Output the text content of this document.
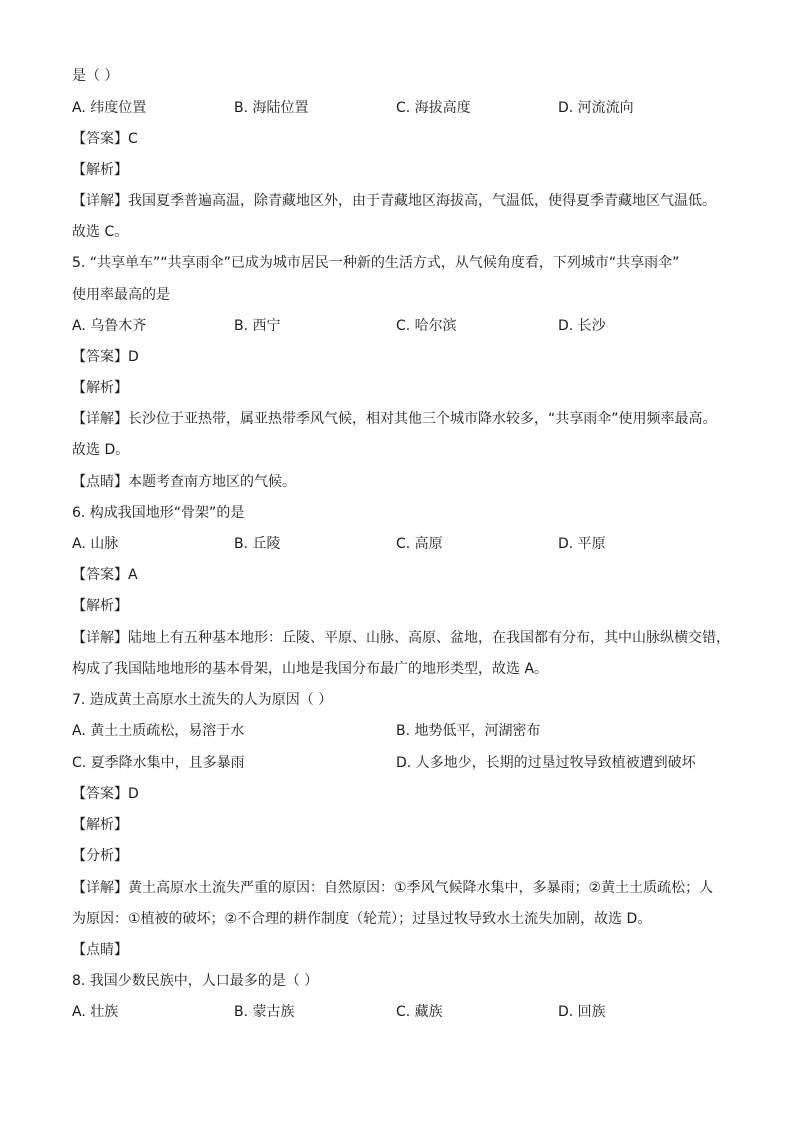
是（ ）
A. 纬度位置	B. 海陆位置	C. 海拔高度	D. 河流流向
【答案】C
【解析】
【详解】我国夏季普遍高温，除青藏地区外，由于青藏地区海拔高，气温低，使得夏季青藏地区气温低。
故选 C。
5. “共享单车”“共享雨伞”已成为城市居民一种新的生活方式，从气候角度看，下列城市“共享雨伞”
使用率最高的是
A. 乌鲁木齐	B. 西宁	C. 哈尔滨	D. 长沙
【答案】D
【解析】
【详解】长沙位于亚热带，属亚热带季风气候，相对其他三个城市降水较多，“共享雨伞”使用频率最高。
故选 D。
【点睛】本题考查南方地区的气候。
6. 构成我国地形“骨架”的是
A. 山脉	B. 丘陵	C. 高原	D. 平原
【答案】A
【解析】
【详解】陆地上有五种基本地形：丘陵、平原、山脉、高原、盆地，在我国都有分布，其中山脉纵横交错，
构成了我国陆地地形的基本骨架，山地是我国分布最广的地形类型，故选 A。
7. 造成黄土高原水土流失的人为原因（ ）
A. 黄土土质疏松，易溶于水	B. 地势低平，河湖密布
C. 夏季降水集中，且多暴雨	D. 人多地少，长期的过垦过牧导致植被遭到破坏
【答案】D
【解析】
【分析】
【详解】黄土高原水土流失严重的原因：自然原因：①季风气候降水集中，多暴雨；②黄土土质疏松；人
为原因：①植被的破坏；②不合理的耕作制度（轮荒）；过垦过牧导致水土流失加剧，故选 D。
【点睛】
8. 我国少数民族中，人口最多的是（ ）
A. 壮族	B. 蒙古族	C. 藏族	D. 回族
